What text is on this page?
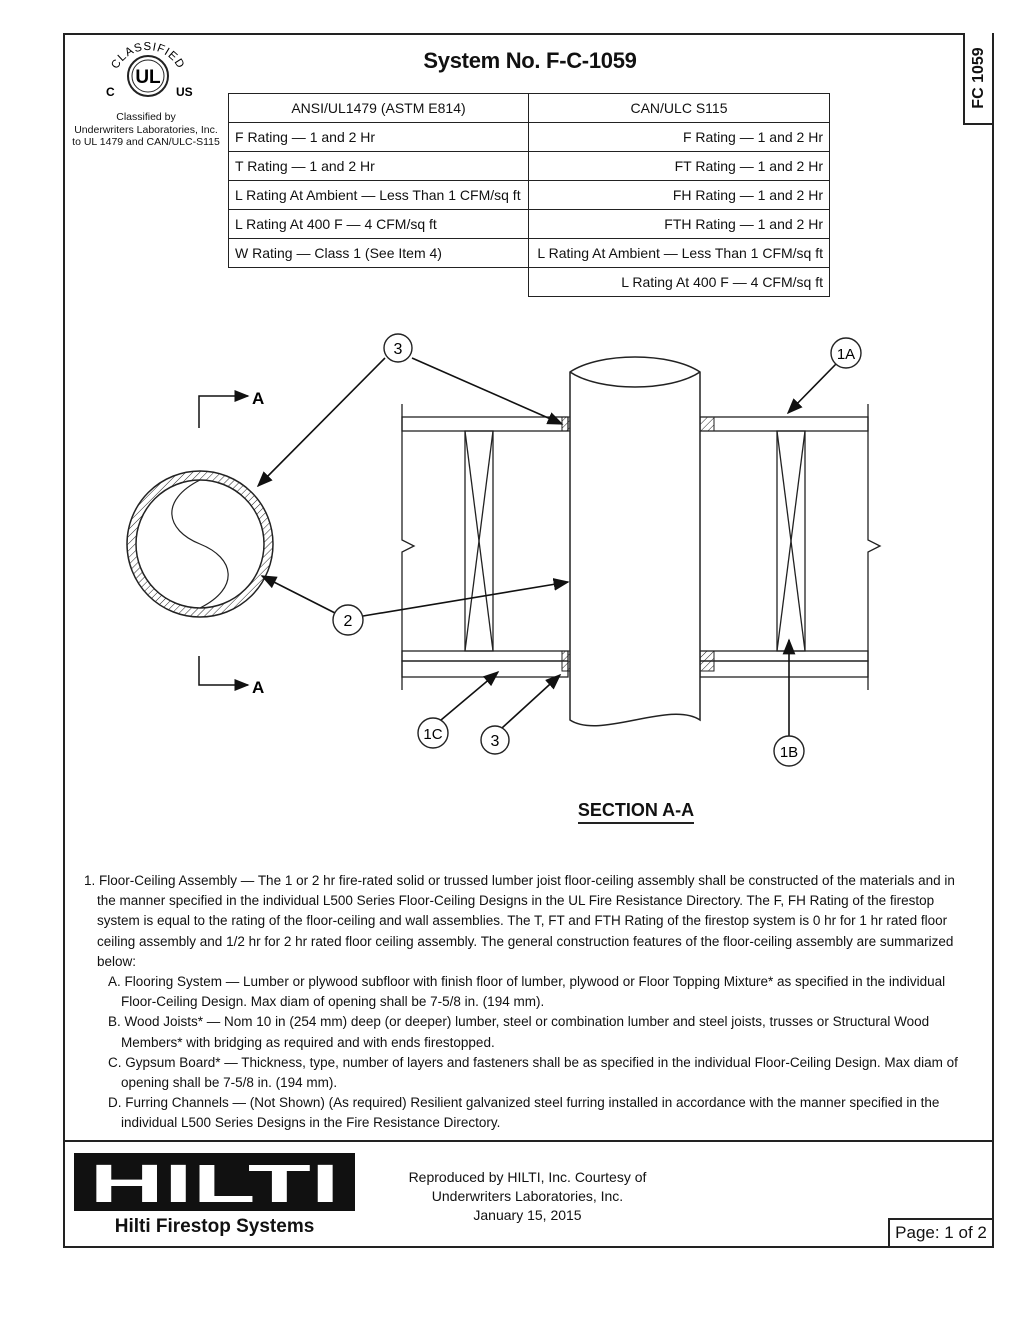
FC 1059
CLASSIFIED
UL
C	US
Classified by
Underwriters Laboratories, Inc.
to UL 1479 and CAN/ULC-S115
System No. F-C-1059
ANSI/UL1479 (ASTM E814)	CAN/ULC S115
F Rating — 1 and 2 Hr	F Rating — 1 and 2 Hr
T Rating — 1 and 2 Hr	FT Rating — 1 and 2 Hr
L Rating At Ambient — Less Than 1 CFM/sq ft	FH Rating — 1 and 2 Hr
L Rating At 400 F — 4 CFM/sq ft	FTH Rating — 1 and 2 Hr
W Rating — Class 1 (See Item 4)	L Rating At Ambient — Less Than 1 CFM/sq ft
	L Rating At 400 F — 4 CFM/sq ft
A
A
3	1A
2
1C	3
1B
SECTION A-A

1. Floor-Ceiling Assembly — The 1 or 2 hr fire-rated solid or trussed lumber joist floor-ceiling assembly shall be constructed of the materials and in the manner specified in the individual L500 Series Floor-Ceiling Designs in the UL Fire Resistance Directory. The F, FH Rating of the firestop system is equal to the rating of the floor-ceiling and wall assemblies. The T, FT and FTH Rating of the firestop system is 0 hr for 1 hr rated floor ceiling assembly and 1/2 hr for 2 hr rated floor ceiling assembly. The general construction features of the floor-ceiling assembly are summarized below:

A. Flooring System — Lumber or plywood subfloor with finish floor of lumber, plywood or Floor Topping Mixture* as specified in the individual Floor-Ceiling Design. Max diam of opening shall be 7-5/8 in. (194 mm).

B. Wood Joists* — Nom 10 in (254 mm) deep (or deeper) lumber, steel or combination lumber and steel joists, trusses or Structural Wood Members* with bridging as required and with ends firestopped.

C. Gypsum Board* — Thickness, type, number of layers and fasteners shall be as specified in the individual Floor-Ceiling Design. Max diam of opening shall be 7-5/8 in. (194 mm).

D. Furring Channels — (Not Shown) (As required) Resilient galvanized steel furring installed in accordance with the manner specified in the individual L500 Series Designs in the Fire Resistance Directory.

HILTI
Hilti Firestop Systems
Reproduced by HILTI, Inc. Courtesy of
Underwriters Laboratories, Inc.
January 15, 2015
Page: 1 of 2
